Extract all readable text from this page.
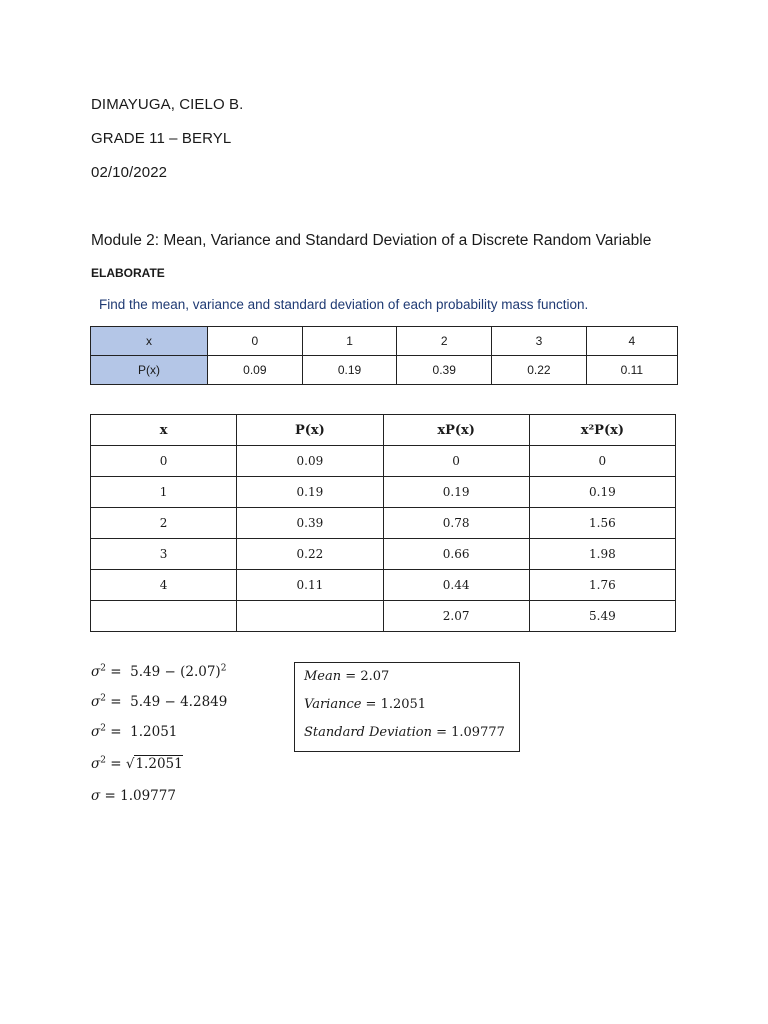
DIMAYUGA, CIELO B.
GRADE 11 – BERYL
02/10/2022
Module 2: Mean, Variance and Standard Deviation of a Discrete Random Variable
ELABORATE
Find the mean, variance and standard deviation of each probability mass function.
x	0	1	2	3	4
P(x)	0.09	0.19	0.39	0.22	0.11
x	P(x)	xP(x)	x²P(x)
0	0.09	0	0
1	0.19	0.19	0.19
2	0.39	0.78	1.56
3	0.22	0.66	1.98
4	0.11	0.44	1.76
		2.07	5.49
$\sigma^2 = 5.49 - (2.07)^2$
$\sigma^2 = 5.49 - 4.2849$
$\sigma^2 = 1.2051$
$\sigma^2 = √1.2051$
σ = 1.09777
Mean = 2.07
Variance = 1.2051
Standard Deviation = 1.09777
